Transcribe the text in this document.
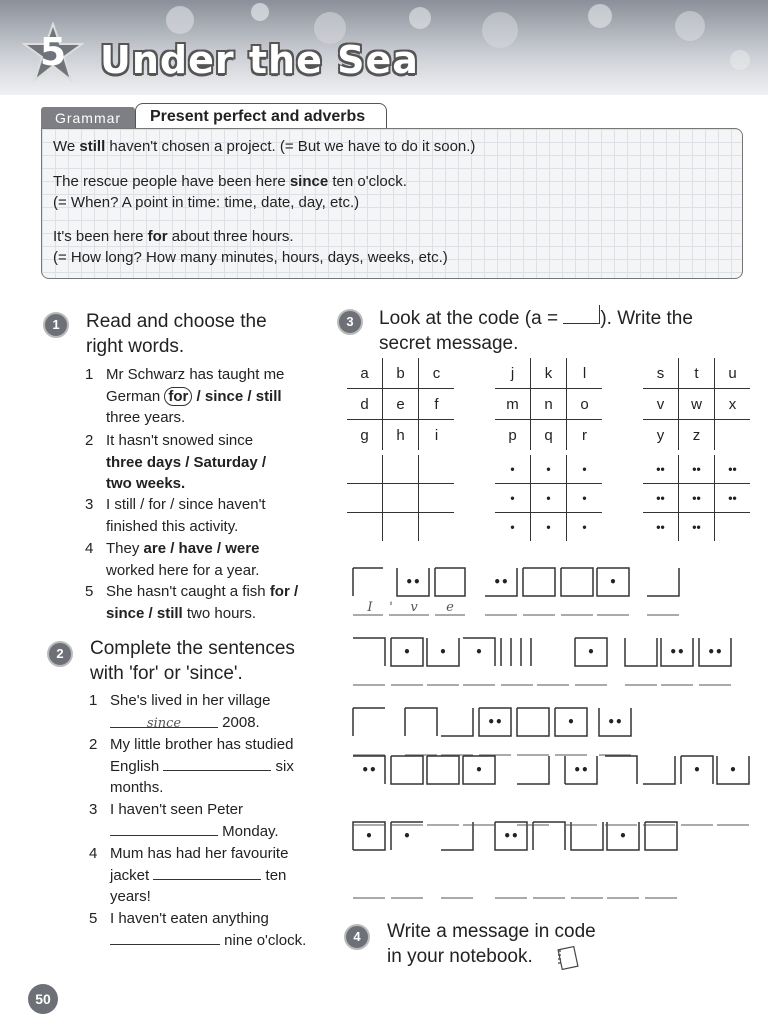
5 Under the Sea
Grammar	Present perfect and adverbs
We still haven't chosen a project. (= But we have to do it soon.)
The rescue people have been here since ten o'clock.
(= When? A point in time: time, date, day, etc.)
It's been here for about three hours.
(= How long? How many minutes, hours, days, weeks, etc.)
1	Read and choose the
right words.
1 Mr Schwarz has taught me
German for / since / still
three years.
2 It hasn't snowed since
three days / Saturday /
two weeks.
3 I still / for / since haven't
finished this activity.
4 They are / have / were
worked here for a year.
5 She hasn't caught a fish for /
since / still two hours.
2	Complete the sentences
with 'for' or 'since'.
1 She's lived in her village
since	2008.
2 My little brother has studied
English	six
months.
3 I haven't seen Peter
Monday.
4 Mum has had her favourite
jacket	ten
years!
5 I haven't eaten anything
nine o'clock.
3	Look at the code (a = ). Write the
secret message.
a	b	c
d	e	f
g	h	i
j	k	l
m	n	o
p	q	r
s	t	u
v	w	x
y	z	

•	•	•
•	•	•
•	•	•
••	••	••
••	••	••
••	••	
••	••	•
• • •	•	•• ••
••	•	••
••	•	••	• •
•	•	••	•
I	'	v	e
4	Write a message in code
in your notebook.
50
